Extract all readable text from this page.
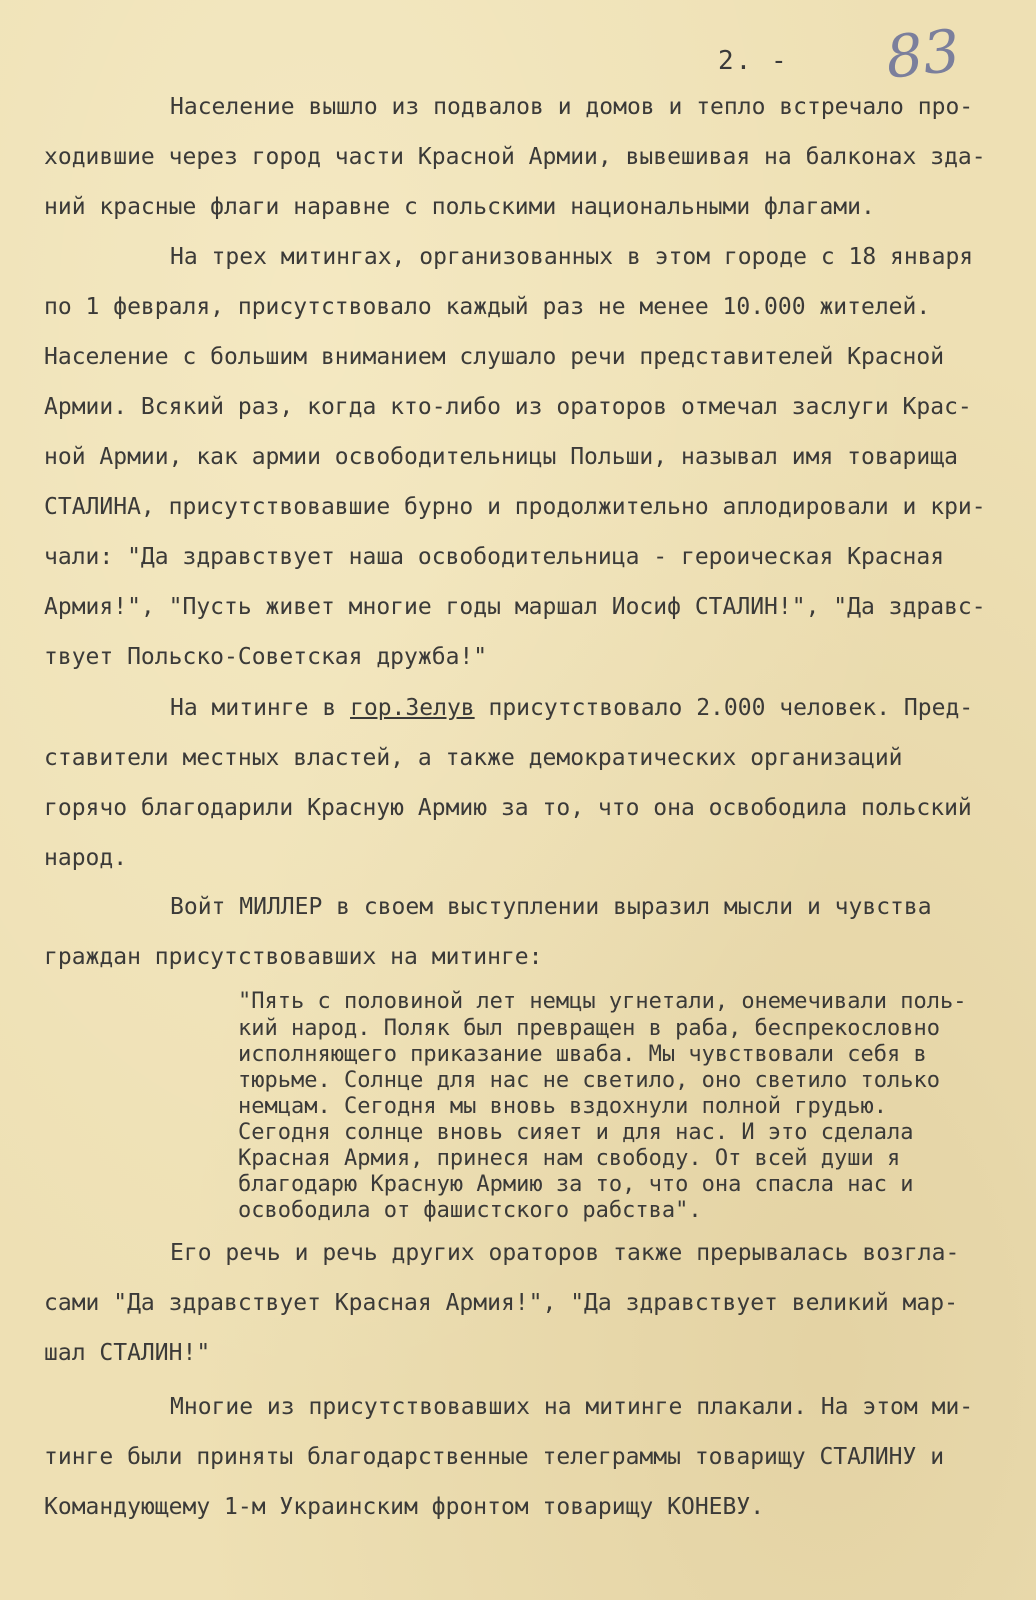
2. - 83
Население вышло из подвалов и домов и тепло встречало про-
ходившие через город части Красной Армии, вывешивая на балконах зда-
ний красные флаги наравне с польскими национальными флагами.
На трех митингах, организованных в этом городе с 18 января
по 1 февраля, присутствовало каждый раз не менее 10.000 жителей.
Население с большим вниманием слушало речи представителей Красной
Армии. Всякий раз, когда кто-либо из ораторов отмечал заслуги Крас-
ной Армии, как армии освободительницы Польши, называл имя товарища
СТАЛИНА, присутствовавшие бурно и продолжительно аплодировали и кри-
чали: "Да здравствует наша освободительница - героическая Красная
Армия!", "Пусть живет многие годы маршал Иосиф СТАЛИН!", "Да здравс-
твует Польско-Советская дружба!"
На митинге в гор.Зелув присутствовало 2.000 человек. Пред-
ставители местных властей, а также демократических организаций
горячо благодарили Красную Армию за то, что она освободила польский
народ.
Войт МИЛЛЕР в своем выступлении выразил мысли и чувства
граждан присутствовавших на митинге:
"Пять с половиной лет немцы угнетали, онемечивали поль-
кий народ. Поляк был превращен в раба, беспрекословно
исполняющего приказание шваба. Мы чувствовали себя в
тюрьме. Солнце для нас не светило, оно светило только
немцам. Сегодня мы вновь вздохнули полной грудью.
Сегодня солнце вновь сияет и для нас. И это сделала
Красная Армия, принеся нам свободу. От всей души я
благодарю Красную Армию за то, что она спасла нас и
освободила от фашистского рабства".
Его речь и речь других ораторов также прерывалась возгла-
сами "Да здравствует Красная Армия!", "Да здравствует великий мар-
шал СТАЛИН!"
Многие из присутствовавших на митинге плакали. На этом ми-
тинге были приняты благодарственные телеграммы товарищу СТАЛИНУ и
Командующему 1-м Украинским фронтом товарищу КОНЕВУ.
